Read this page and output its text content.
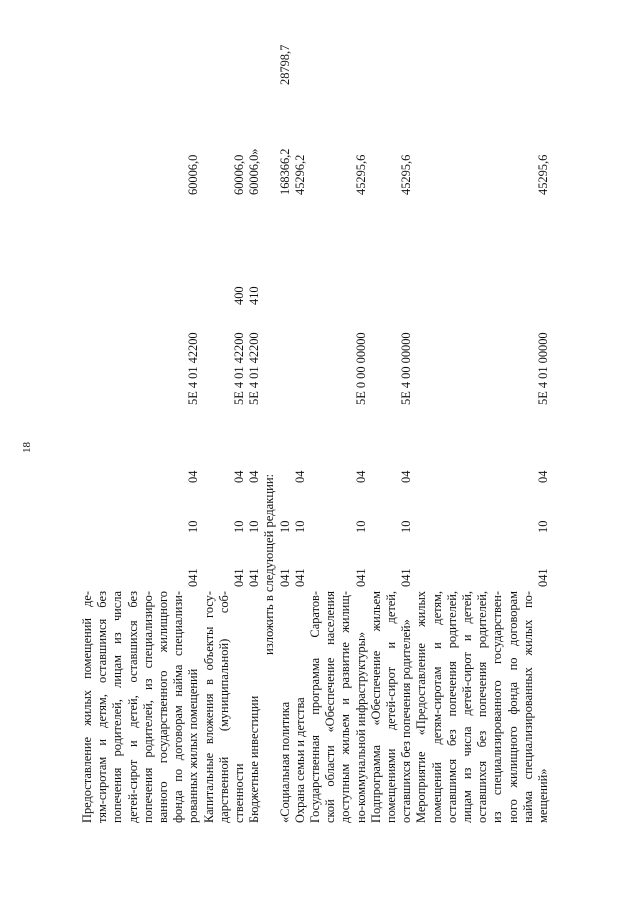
18
Предоставление жилых помещений де- тям-сиротам и детям, оставшимся без попечения родителей, лицам из числа детей-сирот и детей, оставшихся без попечения родителей, из специализиро- ванного государственного жилищного фонда по договорам найма специализи- рованных жилых помещений
041
10
04
5Е 4 01 42200
60006,0
Капитальные вложения в объекты госу- дарственной (муниципальной) соб- ственности
041
10
04
5Е 4 01 42200
400
60006,0
Бюджетные инвестиции
041
10
04
5Е 4 01 42200
410
60006,0»
изложить в следующей редакции:
«Социальная политика
041
10
168366,2
28798,7
Охрана семьи и детства
041
10
04
45296,2
Государственная программа Саратов- ской области «Обеспечение населения доступным жильем и развитие жилищ- но-коммунальной инфраструктуры»
041
10
04
5Е 0 00 00000
45295,6
Подпрограмма «Обеспечение жильем помещениями детей-сирот и детей, оставшихся без попечения родителей»
041
10
04
5Е 4 00 00000
45295,6
Мероприятие «Предоставление жилых помещений детям-сиротам и детям, оставшимся без попечения родителей, лицам из числа детей-сирот и детей, оставшихся без попечения родителей, из специализированного государствен- ного жилищного фонда по договорам найма специализированных жилых по- мещений»
041
10
04
5Е 4 01 00000
45295,6
